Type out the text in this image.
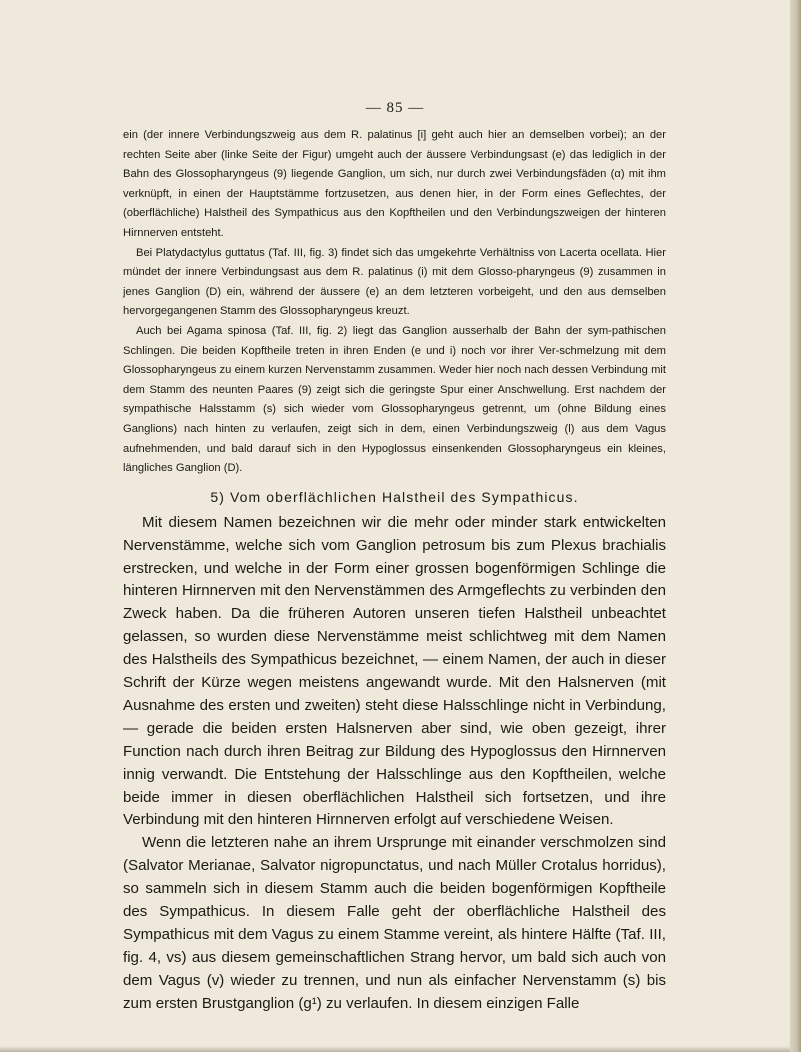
— 85 —

ein (der innere Verbindungszweig aus dem R. palatinus [i] geht auch hier an demselben vorbei); an der rechten Seite aber (linke Seite der Figur) umgeht auch der äussere Verbindungsast (e) das lediglich in der Bahn des Glossopharyngeus (9) liegende Ganglion, um sich, nur durch zwei Verbindungsfäden (α) mit ihm verknüpft, in einen der Hauptstämme fortzusetzen, aus denen hier, in der Form eines Geflechtes, der (oberflächliche) Halstheil des Sympathicus aus den Kopftheilen und den Verbindungszweigen der hinteren Hirnnerven entsteht.

Bei Platydactylus guttatus (Taf. III, fig. 3) findet sich das umgekehrte Verhältniss von Lacerta ocellata. Hier mündet der innere Verbindungsast aus dem R. palatinus (i) mit dem Glosso-pharyngeus (9) zusammen in jenes Ganglion (D) ein, während der äussere (e) an dem letzteren vorbeigeht, und den aus demselben hervorgegangenen Stamm des Glossopharyngeus kreuzt.

Auch bei Agama spinosa (Taf. III, fig. 2) liegt das Ganglion ausserhalb der Bahn der sym-pathischen Schlingen. Die beiden Kopftheile treten in ihren Enden (e und i) noch vor ihrer Ver-schmelzung mit dem Glossopharyngeus zu einem kurzen Nervenstamm zusammen. Weder hier noch nach dessen Verbindung mit dem Stamm des neunten Paares (9) zeigt sich die geringste Spur einer Anschwellung. Erst nachdem der sympathische Halsstamm (s) sich wieder vom Glossopharyngeus getrennt, um (ohne Bildung eines Ganglions) nach hinten zu verlaufen, zeigt sich in dem, einen Verbindungszweig (l) aus dem Vagus aufnehmenden, und bald darauf sich in den Hypoglossus einsenkenden Glossopharyngeus ein kleines, längliches Ganglion (D).

5) Vom oberflächlichen Halstheil des Sympathicus.

Mit diesem Namen bezeichnen wir die mehr oder minder stark entwickelten Nervenstämme, welche sich vom Ganglion petrosum bis zum Plexus brachialis erstrecken, und welche in der Form einer grossen bogenförmigen Schlinge die hinteren Hirnnerven mit den Nervenstämmen des Armgeflechts zu verbinden den Zweck haben. Da die früheren Autoren unseren tiefen Halstheil unbeachtet gelassen, so wurden diese Nervenstämme meist schlichtweg mit dem Namen des Halstheils des Sympathicus bezeichnet, — einem Namen, der auch in dieser Schrift der Kürze wegen meistens angewandt wurde. Mit den Halsnerven (mit Ausnahme des ersten und zweiten) steht diese Halsschlinge nicht in Verbindung, — gerade die beiden ersten Halsnerven aber sind, wie oben gezeigt, ihrer Function nach durch ihren Beitrag zur Bildung des Hypoglossus den Hirnnerven innig verwandt. Die Entstehung der Halsschlinge aus den Kopftheilen, welche beide immer in diesen oberflächlichen Halstheil sich fortsetzen, und ihre Verbindung mit den hinteren Hirnnerven erfolgt auf verschiedene Weisen.

Wenn die letzteren nahe an ihrem Ursprunge mit einander verschmolzen sind (Salvator Merianae, Salvator nigropunctatus, und nach Müller Crotalus horridus), so sammeln sich in diesem Stamm auch die beiden bogenförmigen Kopftheile des Sympathicus. In diesem Falle geht der oberflächliche Halstheil des Sympathicus mit dem Vagus zu einem Stamme vereint, als hintere Hälfte (Taf. III, fig. 4, vs) aus diesem gemeinschaftlichen Strang hervor, um bald sich auch von dem Vagus (v) wieder zu trennen, und nun als einfacher Nervenstamm (s) bis zum ersten Brustganglion (g¹) zu verlaufen. In diesem einzigen Falle
